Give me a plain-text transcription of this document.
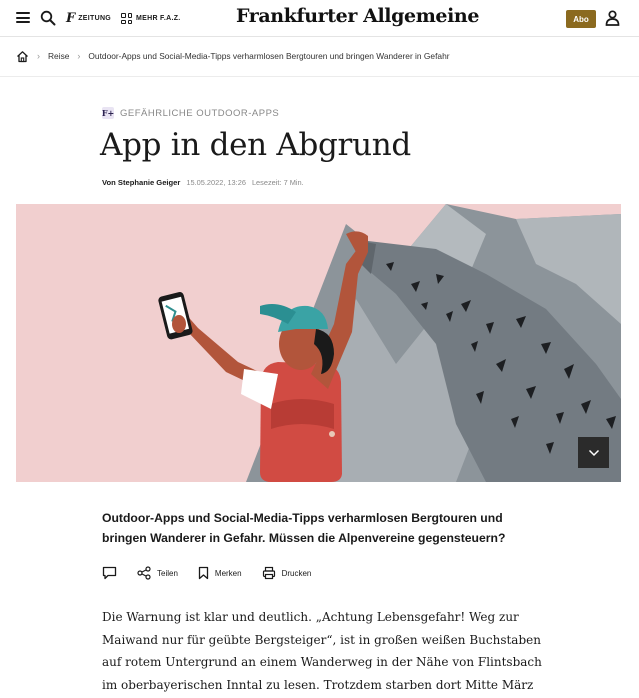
F ZEITUNG	MEHR F.A.Z.	Frankfurter Allgemeine	Abo
› Reise › Outdoor-Apps und Social-Media-Tipps verharmlosen Bergtouren und bringen Wanderer in Gefahr
F+ GEFÄHRLICHE OUTDOOR-APPS
App in den Abgrund
Von Stephanie Geiger 15.05.2022, 13:26 Lesezeit: 7 Min.

Outdoor-Apps und Social-Media-Tipps verharmlosen Bergtouren und bringen Wanderer in Gefahr. Müssen die Alpenvereine gegensteuern?

Teilen	Merken	Drucken

Die Warnung ist klar und deutlich. „Achtung Lebensgefahr! Weg zur

Maiwand nur für geübte Bergsteiger“, ist in großen weißen Buchstaben

auf rotem Untergrund an einem Wanderweg in der Nähe von Flintsbach

im oberbayerischen Inntal zu lesen. Trotzdem starben dort Mitte März
